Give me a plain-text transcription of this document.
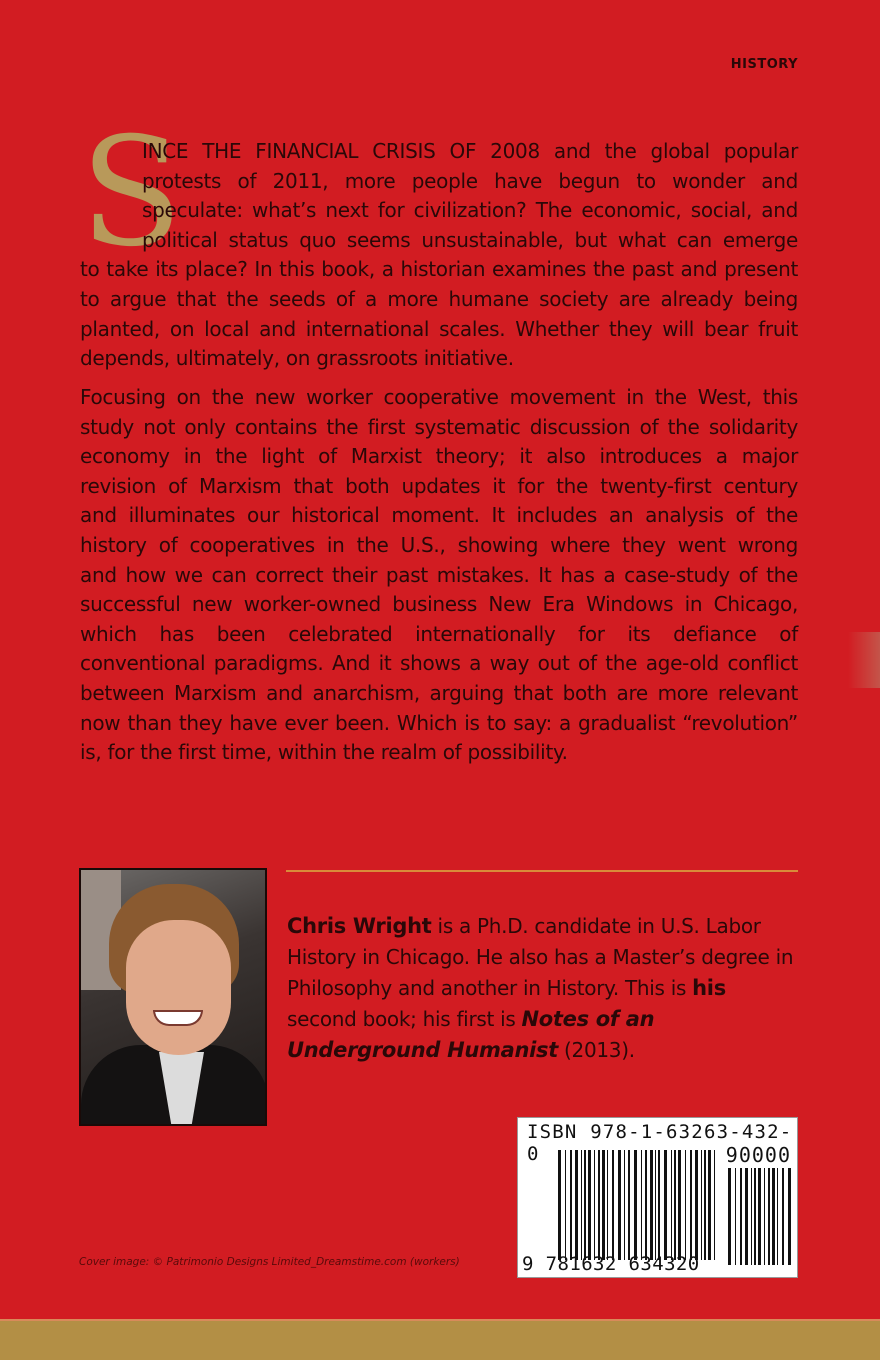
HISTORY
S
INCE THE FINANCIAL CRISIS OF 2008 and the global popular
protests of 2011, more people have begun to wonder and
speculate: what’s next for civilization? The economic, social, and
political status quo seems unsustainable, but what can emerge
to take its place? In this book, a historian examines the past and present
to argue that the seeds of a more humane society are already being
planted, on local and international scales. Whether they will bear fruit
depends, ultimately, on grassroots initiative.
Focusing on the new worker cooperative movement in the West, this
study not only contains the first systematic discussion of the solidarity
economy in the light of Marxist theory; it also introduces a major
revision of Marxism that both updates it for the twenty-first century
and illuminates our historical moment. It includes an analysis of the
history of cooperatives in the U.S., showing where they went wrong
and how we can correct their past mistakes. It has a case-study of the
successful new worker-owned business New Era Windows in Chicago,
which has been celebrated internationally for its defiance of
conventional paradigms. And it shows a way out of the age-old conflict
between Marxism and anarchism, arguing that both are more relevant
now than they have ever been. Which is to say: a gradualist “revolution”
is, for the first time, within the realm of possibility.
Chris Wright is a Ph.D. candidate in U.S. Labor History in Chicago. He also has a Master’s degree in Philosophy and another in History. This is his second book; his first is Notes of an Underground Humanist (2013).
ISBN 978-1-63263-432-0	90000
9 781632 634320
Cover image: © Patrimonio Designs Limited_Dreamstime.com (workers)
